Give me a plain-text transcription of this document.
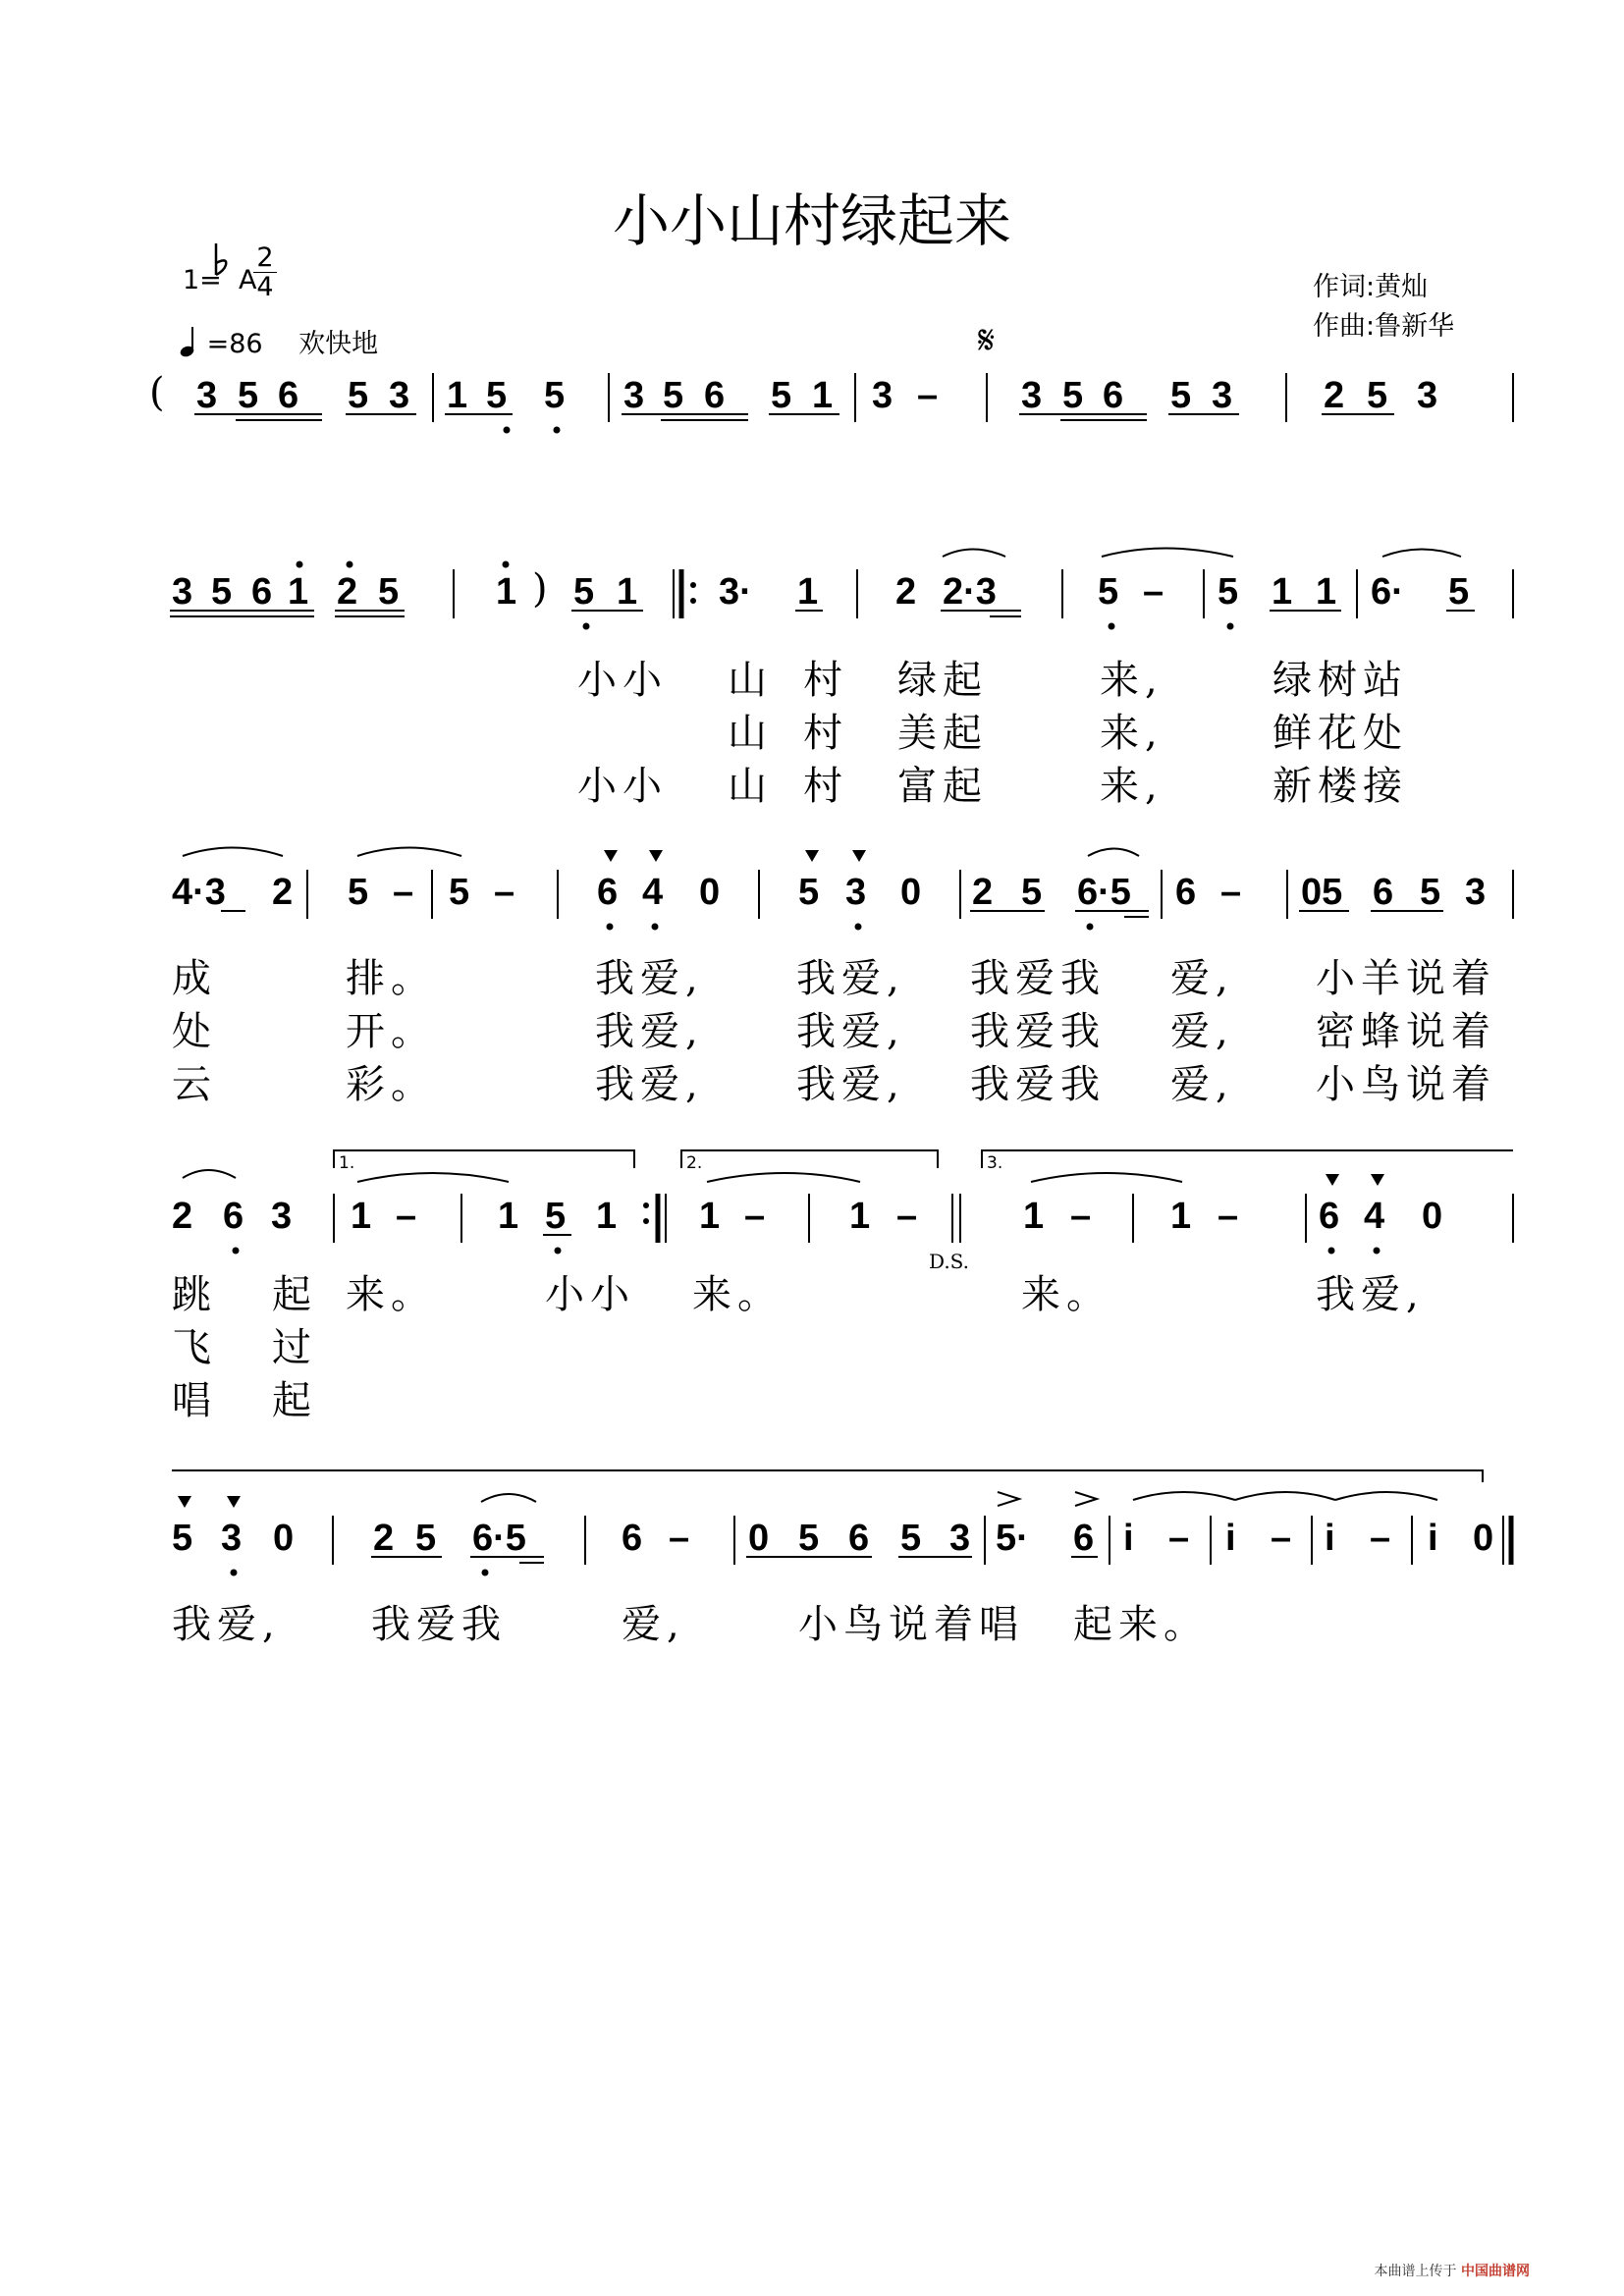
小小山村绿起来
1=  A
2
4
=86 欢快地
作词:黄灿
作曲:鲁新华
( 3 5 6 5 3 1 5 5 3 5 6 5 1 3 – 3 5 6 5 3 2 5 3
𝄋
3 5 6 1 2 5	1 ) 5 1 3· 1 2 2·3	5 – 5 1 1 6· 5
4·3 2 5 – 5 – 6 4 0 5 3 0 2 5 6·5 6 – 05 6 5 3
1.	2.	3.
2 6 3 1 – 1 5 1 1 – 1 –	1 – 1 – 6 4 0
D.S.
5 3 0 2 5 6·5	6 – 0 5 6 5 3 5· 6 i – i – i – i 0
小小 山 村 绿起	来,	绿树站
山 村 美起	来,	鲜花处
小小 山 村 富起	来,	新楼接
成	排。	我爱, 我爱, 我爱我 爱, 小羊说着
处	开。	我爱, 我爱, 我爱我 爱, 密蜂说着
云	彩。	我爱, 我爱, 我爱我 爱, 小鸟说着
跳 起 来。	小小 来。	来。	我爱,
飞 过
唱 起
我爱, 我爱我	爱,	小鸟说着唱 起来。
本曲谱上传于 中国曲谱网
